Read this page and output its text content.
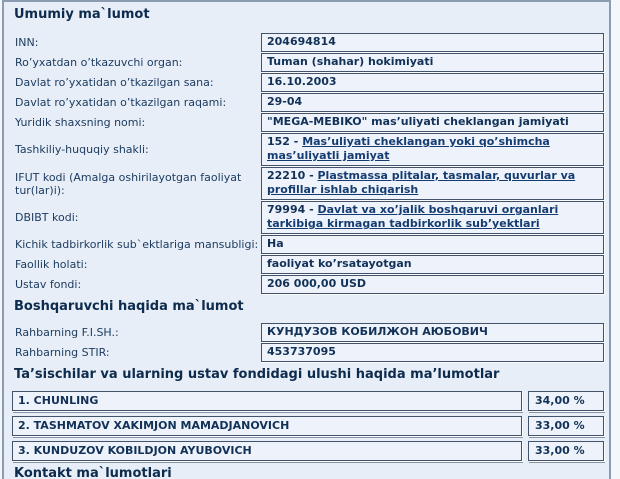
Umumiy ma`lumot
INN:	204694814
Ro’yxatdan o’tkazuvchi organ:	Tuman (shahar) hokimiyati
Davlat ro’yxatidan o’tkazilgan sana:	16.10.2003
Davlat ro’yxatidan o’tkazilgan raqami:	29-04
Yuridik shaxsning nomi:	"MEGA-MEBIKO" mas’uliyati cheklangan jamiyati
Tashkiliy-huquqiy shakli:
152 - Mas’uliyati cheklangan yoki qo’shimcha mas’uliyatli jamiyat
IFUT kodi (Amalga oshirilayotgan faoliyat tur(lar)i):
22210 - Plastmassa plitalar, tasmalar, quvurlar va profillar ishlab chiqarish
DBIBT kodi:
79994 - Davlat va xo’jalik boshqaruvi organlari tarkibiga kirmagan tadbirkorlik sub’yektlari
Kichik tadbirkorlik sub`ektlariga mansubligi: Ha
Faollik holati:	faoliyat ko’rsatayotgan
Ustav fondi:	206 000,00 USD
Boshqaruvchi haqida ma`lumot
Rahbarning F.I.SH.:	КУНДУЗОВ КОБИЛЖОН АЮБОВИЧ
Rahbarning STIR:	453737095
Ta’sischilar va ularning ustav fondidagi ulushi haqida ma’lumotlar
1. CHUNLING	34,00 %
2. TASHMATOV XAKIMJON MAMADJANOVICH	33,00 %
3. KUNDUZOV KOBILDJON AYUBOVICH	33,00 %
Kontakt ma`lumotlari
